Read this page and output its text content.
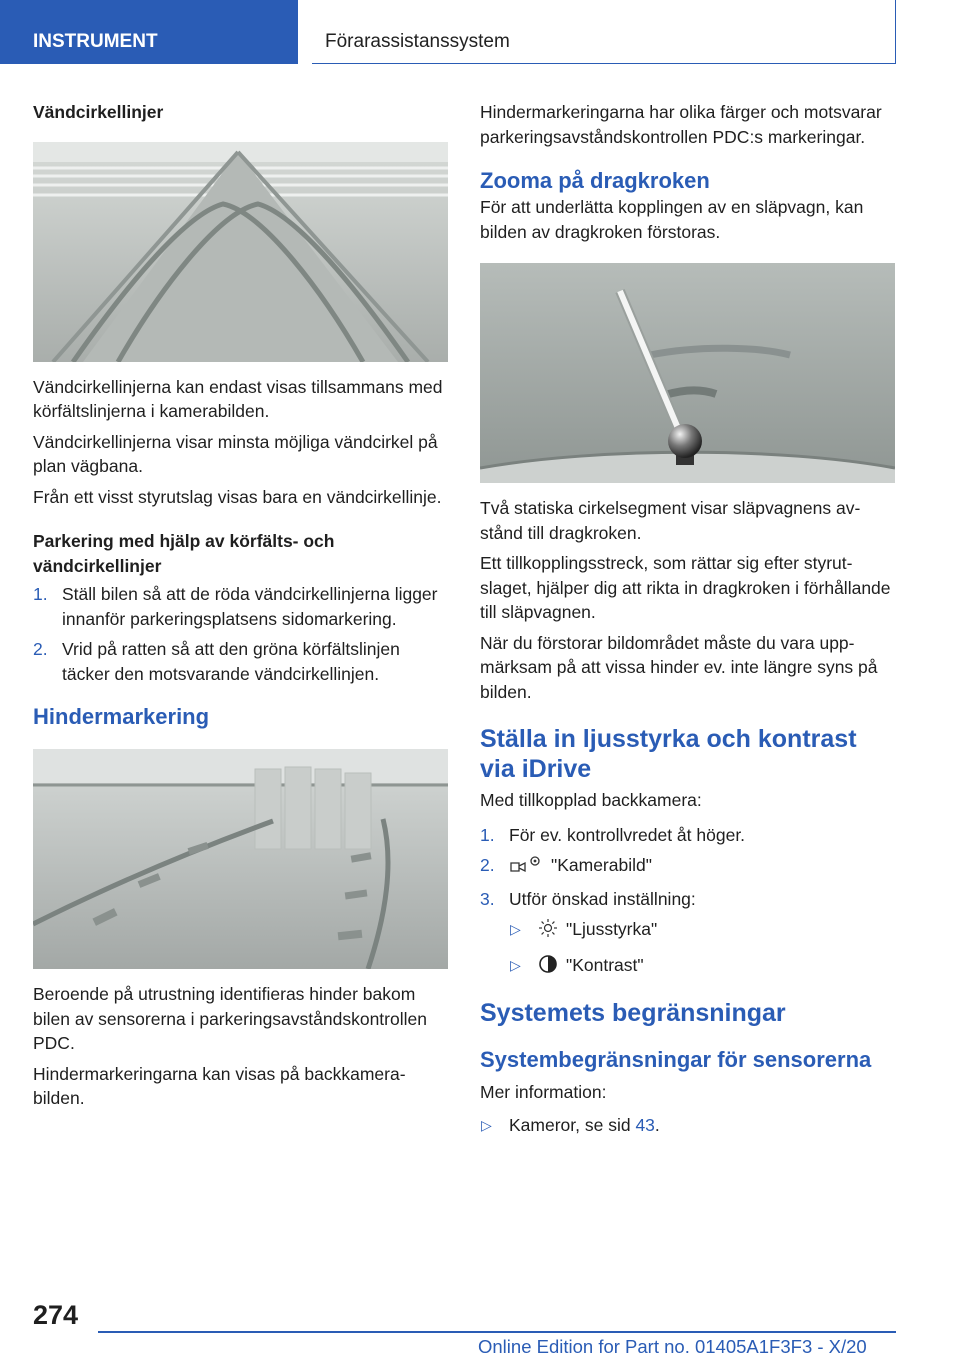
INSTRUMENT	Förarassistanssystem
Vändcirkellinjer

Vändcirkellinjerna kan endast visas tillsammans med körfältslinjerna i kamerabilden.

Vändcirkellinjerna visar minsta möjliga vändcirkel på plan vägbana.

Från ett visst styrutslag visas bara en vändcirkellinje.

Parkering med hjälp av körfälts- och vändcirkellinjer
1. Ställ bilen så att de röda vändcirkellinjerna ligger innanför parkeringsplatsens sidomarkering.
2. Vrid på ratten så att den gröna körfältslinjen täcker den motsvarande vändcirkellinjen.
Hindermarkering

Beroende på utrustning identifieras hinder bakom bilen av sensorerna i parkeringsavståndskontrollen PDC.

Hindermarkeringarna kan visas på backkamerabilden.

Hindermarkeringarna har olika färger och motsvarar parkeringsavståndskontrollen PDC:s markeringar.

Zooma på dragkroken

För att underlätta kopplingen av en släpvagn, kan bilden av dragkroken förstoras.

Två statiska cirkelsegment visar släpvagnens avstånd till dragkroken.

Ett tillkopplingsstreck, som rättar sig efter styrutslaget, hjälper dig att rikta in dragkroken i förhållande till släpvagnen.

När du förstorar bildområdet måste du vara uppmärksam på att vissa hinder ev. inte längre syns på bilden.

Ställa in ljusstyrka och kontrast via iDrive

Med tillkopplad backkamera:

1. För ev. kontrollvredet åt höger.
2.	"Kamerabild"
3. Utför önskad inställning:
▷	"Ljusstyrka"
▷	"Kontrast"
Systemets begränsningar
Systembegränsningar för sensorerna

Mer information:

▷ Kameror, se sid 43.
274
Online Edition for Part no. 01405A1F3F3 - X/20
